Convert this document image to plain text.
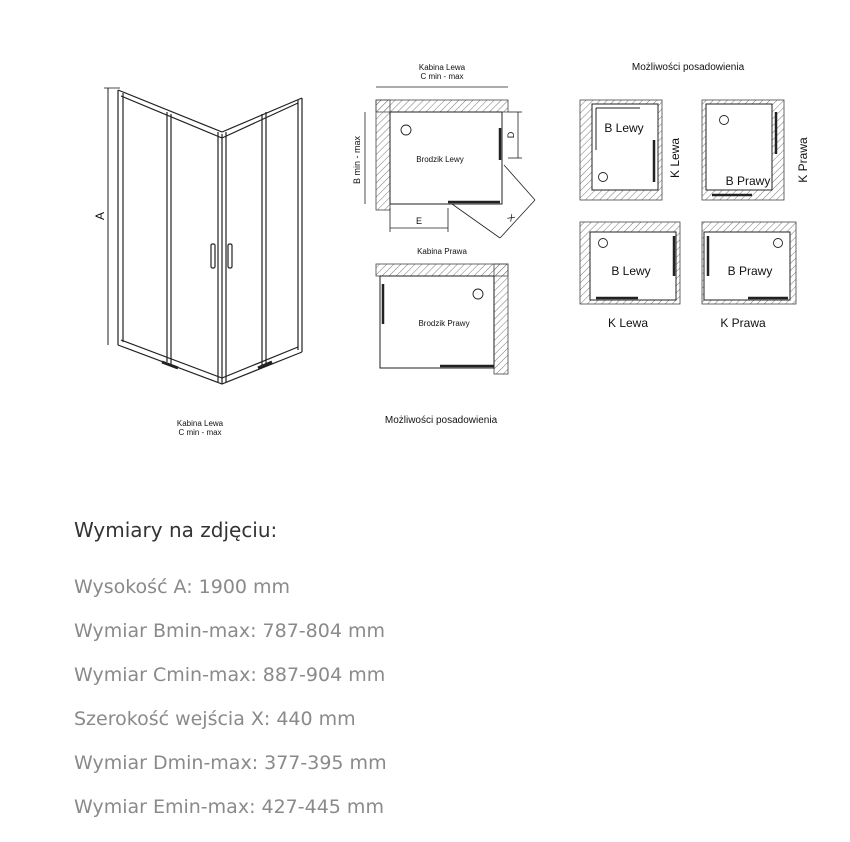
A
Kabina Lewa
C min - max
Kabina Lewa
C min - max
B min - max	Brodzik Lewy
D
E	X
Kabina Prawa
Brodzik Prawy
Możliwości posadowienia
Możliwości posadowienia
B Lewy
K Lewa
B Prawy K Prawa
B Lewy
K Lewa
B Prawy
K Prawa
Wymiary na zdjęciu:
Wysokość A: 1900 mm
Wymiar Bmin-max: 787-804 mm
Wymiar Cmin-max: 887-904 mm
Szerokość wejścia X: 440 mm
Wymiar Dmin-max: 377-395 mm
Wymiar Emin-max: 427-445 mm
